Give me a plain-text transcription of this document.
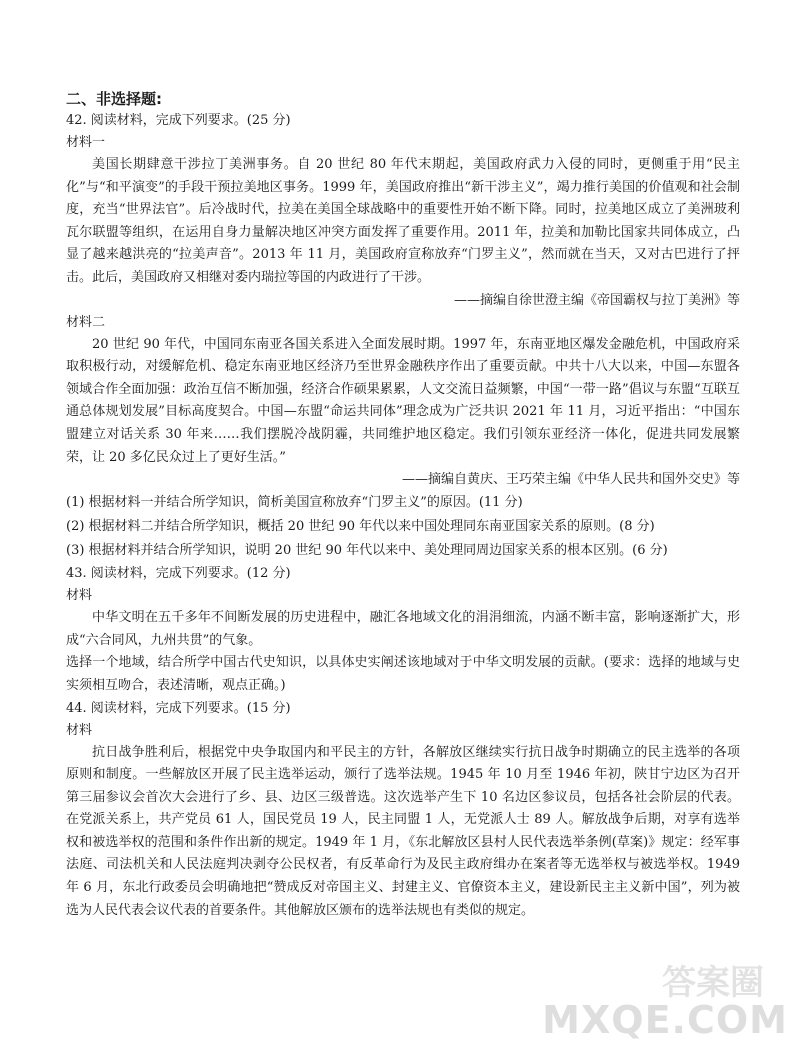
二、非选择题:

42. 阅读材料，完成下列要求。(25 分)

材料一

美国长期肆意干涉拉丁美洲事务。自 20 世纪 80 年代末期起，美国政府武力入侵的同时，更侧重于用“民主化”与“和平演变”的手段干预拉美地区事务。1999 年，美国政府推出“新干涉主义”，竭力推行美国的价值观和社会制度，充当“世界法官”。后冷战时代，拉美在美国全球战略中的重要性开始不断下降。同时，拉美地区成立了美洲玻利瓦尔联盟等组织，在运用自身力量解决地区冲突方面发挥了重要作用。2011 年，拉美和加勒比国家共同体成立，凸显了越来越洪亮的“拉美声音”。2013 年 11 月，美国政府宣称放弃“门罗主义”，然而就在当天，又对古巴进行了抨击。此后，美国政府又相继对委内瑞拉等国的内政进行了干涉。

——摘编自徐世澄主编《帝国霸权与拉丁美洲》等

材料二

20 世纪 90 年代，中国同东南亚各国关系进入全面发展时期。1997 年，东南亚地区爆发金融危机，中国政府采取积极行动，对缓解危机、稳定东南亚地区经济乃至世界金融秩序作出了重要贡献。中共十八大以来，中国—东盟各领域合作全面加强：政治互信不断加强，经济合作硕果累累，人文交流日益频繁，中国“一带一路”倡议与东盟“互联互通总体规划发展”目标高度契合。中国—东盟“命运共同体”理念成为广泛共识 2021 年 11 月，习近平指出：“中国东盟建立对话关系 30 年来……我们摆脱冷战阴霾，共同维护地区稳定。我们引领东亚经济一体化，促进共同发展繁荣，让 20 多亿民众过上了更好生活。”

——摘编自黄庆、王巧荣主编《中华人民共和国外交史》等

(1) 根据材料一并结合所学知识，简析美国宣称放弃“门罗主义”的原因。(11 分)

(2) 根据材料二并结合所学知识，概括 20 世纪 90 年代以来中国处理同东南亚国家关系的原则。(8 分)

(3) 根据材料并结合所学知识，说明 20 世纪 90 年代以来中、美处理同周边国家关系的根本区别。(6 分)

43. 阅读材料，完成下列要求。(12 分)

材料

中华文明在五千多年不间断发展的历史进程中，融汇各地域文化的涓涓细流，内涵不断丰富，影响逐渐扩大，形成“六合同风，九州共贯”的气象。

选择一个地域，结合所学中国古代史知识，以具体史实阐述该地域对于中华文明发展的贡献。(要求：选择的地域与史实须相互吻合，表述清晰，观点正确。)

44. 阅读材料，完成下列要求。(15 分)

材料

抗日战争胜利后，根据党中央争取国内和平民主的方针，各解放区继续实行抗日战争时期确立的民主选举的各项原则和制度。一些解放区开展了民主选举运动，颁行了选举法规。1945 年 10 月至 1946 年初，陕甘宁边区为召开第三届参议会首次大会进行了乡、县、边区三级普选。这次选举产生下 10 名边区参议员，包括各社会阶层的代表。在党派关系上，共产党员 61 人，国民党员 19 人，民主同盟 1 人，无党派人士 89 人。解放战争后期，对享有选举权和被选举权的范围和条件作出新的规定。1949 年 1 月，《东北解放区县村人民代表选举条例(草案)》规定：经军事法庭、司法机关和人民法庭判决剥夺公民权者，有反革命行为及民主政府缉办在案者等无选举权与被选举权。1949 年 6 月，东北行政委员会明确地把“赞成反对帝国主义、封建主义、官僚资本主义，建设新民主主义新中国”，列为被选为人民代表会议代表的首要条件。其他解放区颁布的选举法规也有类似的规定。

答案圈
MXQE.COM
